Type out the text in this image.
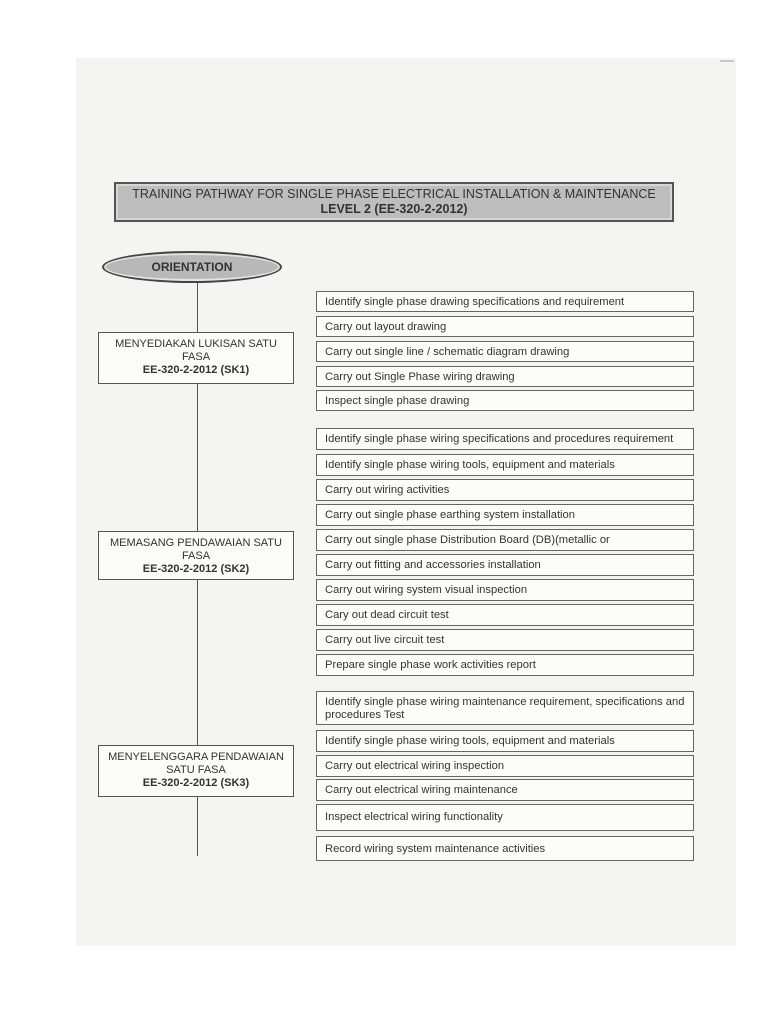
TRAINING PATHWAY FOR SINGLE PHASE ELECTRICAL INSTALLATION & MAINTENANCE
LEVEL 2 (EE-320-2-2012)
ORIENTATION
MENYEDIAKAN LUKISAN SATU FASA
EE-320-2-2012 (SK1)
MEMASANG PENDAWAIAN SATU FASA
EE-320-2-2012 (SK2)
MENYELENGGARA PENDAWAIAN SATU FASA
EE-320-2-2012 (SK3)
Identify single phase drawing specifications and requirement
Carry out layout drawing
Carry out single line / schematic diagram drawing
Carry out Single Phase wiring drawing
Inspect single phase drawing
Identify single phase wiring specifications and procedures requirement
Identify single phase wiring tools, equipment and materials
Carry out wiring activities
Carry out single phase earthing system installation
Carry out single phase Distribution Board (DB)(metallic or
Carry out fitting and accessories installation
Carry out wiring system visual inspection
Cary out dead circuit test
Carry out live circuit test
Prepare single phase work activities report
Identify single phase wiring maintenance requirement, specifications and procedures Test
Identify single phase wiring tools, equipment and materials
Carry out electrical wiring inspection
Carry out electrical wiring maintenance
Inspect electrical wiring functionality
Record wiring system maintenance activities
